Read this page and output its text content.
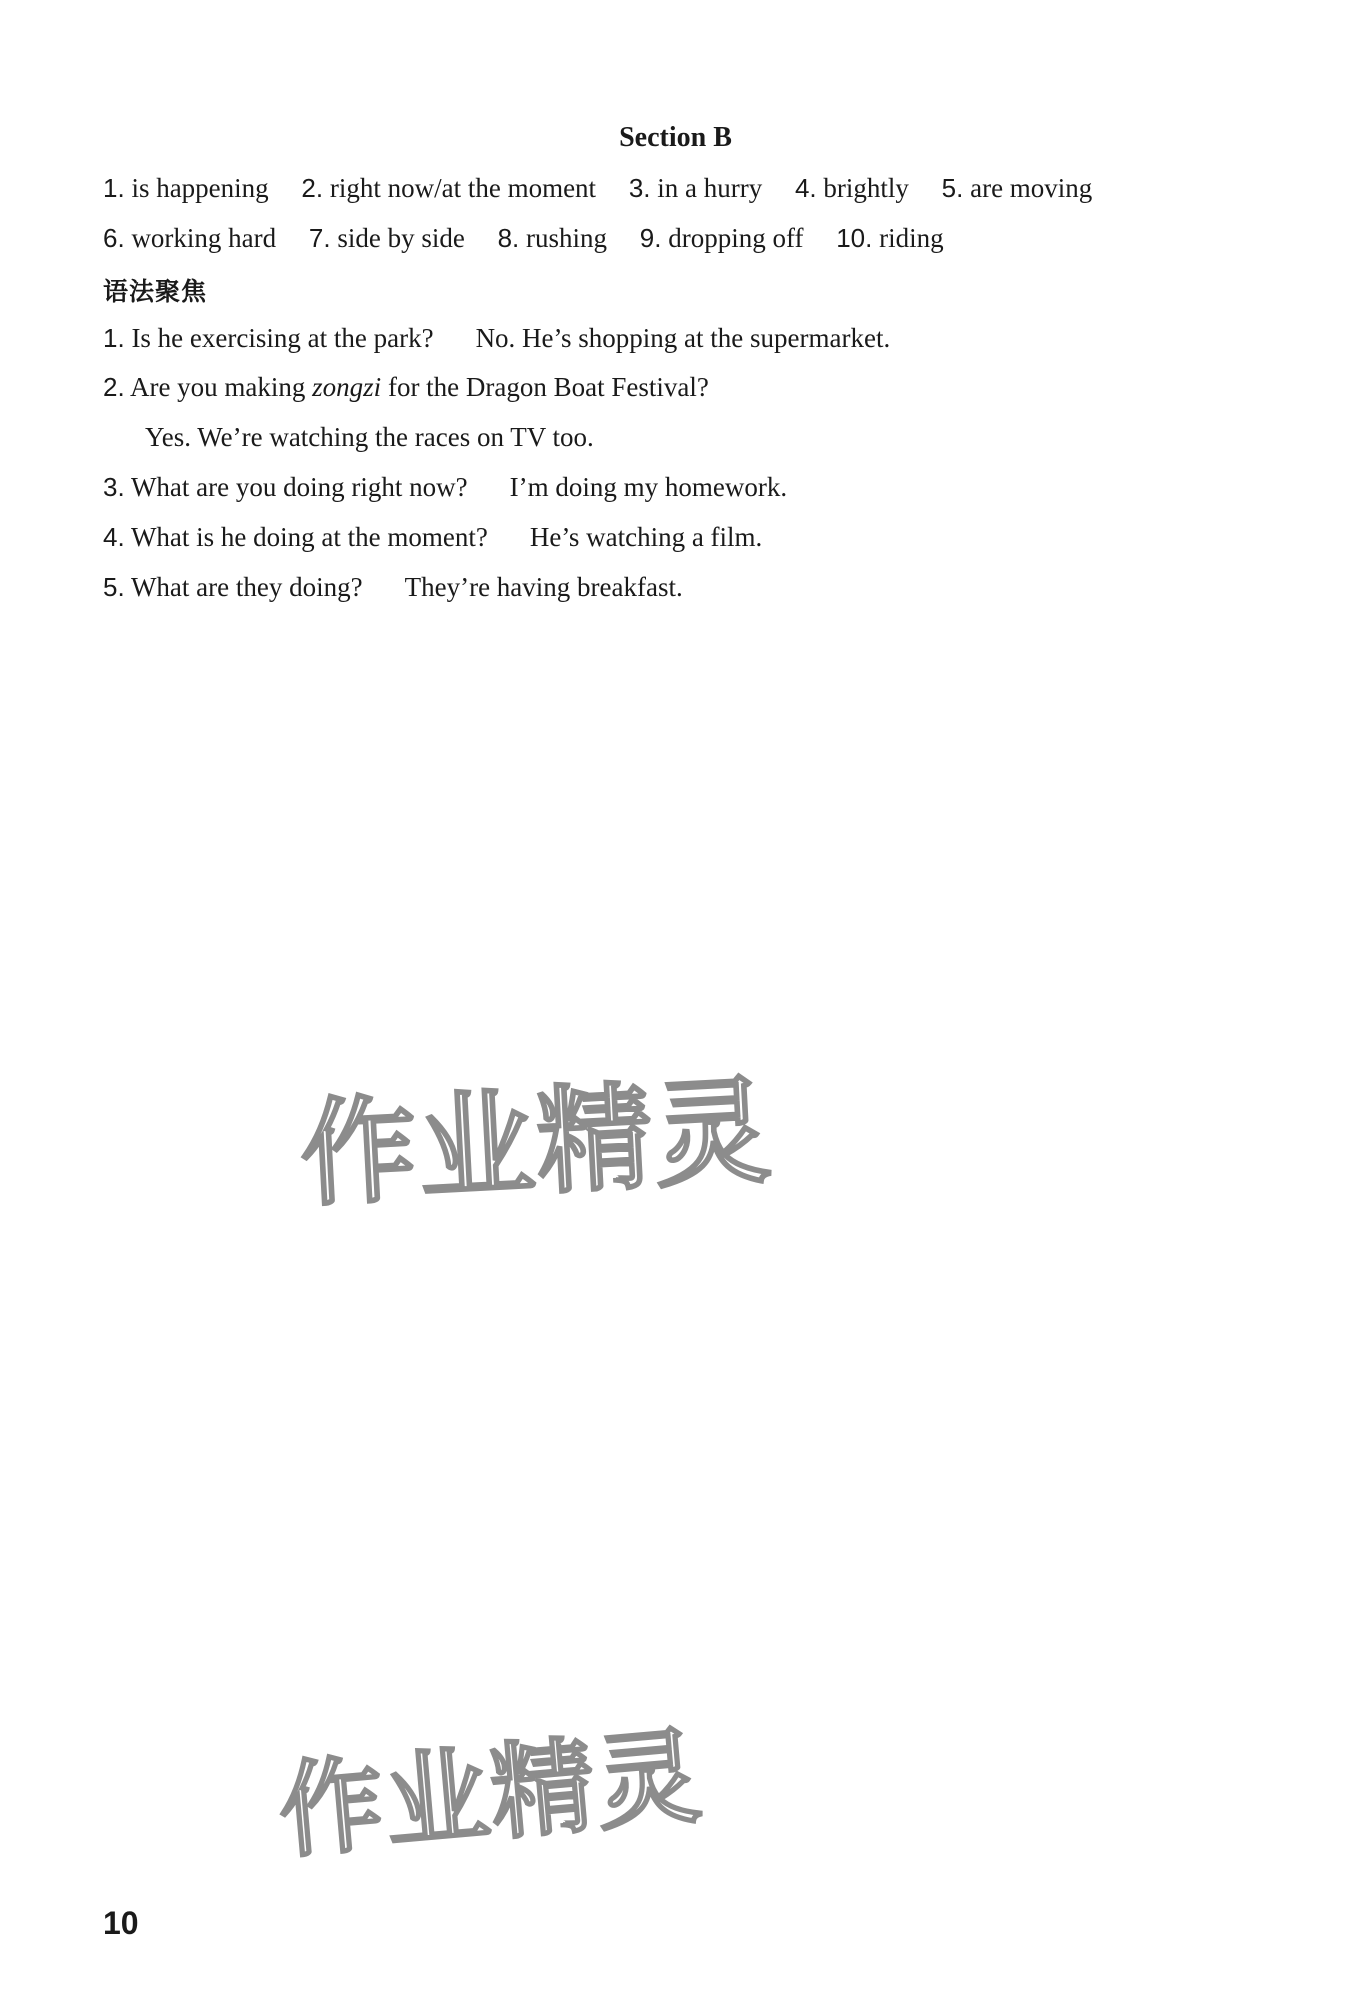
Section B
1. is happening 2. right now/at the moment 3. in a hurry 4. brightly 5. are moving
6. working hard 7. side by side 8. rushing 9. dropping off 10. riding
语法聚焦
1. Is he exercising at the park? No. He’s shopping at the supermarket.
2. Are you making zongzi for the Dragon Boat Festival?
Yes. We’re watching the races on TV too.
3. What are you doing right now? I’m doing my homework.
4. What is he doing at the moment? He’s watching a film.
5. What are they doing? They’re having breakfast.
作业精灵
作业精灵
10
